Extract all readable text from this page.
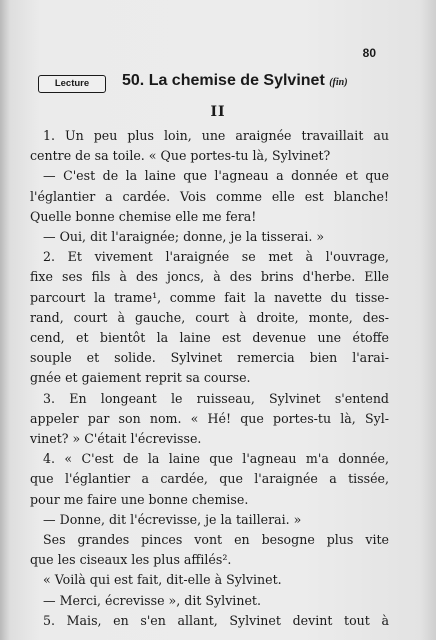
80
Lecture	50. La chemise de Sylvinet (fin)
II
1. Un peu plus loin, une araignée travaillait au
centre de sa toile. « Que portes-tu là, Sylvinet?
— C'est de la laine que l'agneau a donnée et que
l'églantier a cardée. Vois comme elle est blanche!
Quelle bonne chemise elle me fera!
— Oui, dit l'araignée; donne, je la tisserai. »
2. Et vivement l'araignée se met à l'ouvrage,
fixe ses fils à des joncs, à des brins d'herbe. Elle
parcourt la trame¹, comme fait la navette du tisse-
rand, court à gauche, court à droite, monte, des-
cend, et bientôt la laine est devenue une étoffe
souple et solide. Sylvinet remercia bien l'arai-
gnée et gaiement reprit sa course.
3. En longeant le ruisseau, Sylvinet s'entend
appeler par son nom. « Hé! que portes-tu là, Syl-
vinet? » C'était l'écrevisse.
4. « C'est de la laine que l'agneau m'a donnée,
que l'églantier a cardée, que l'araignée a tissée,
pour me faire une bonne chemise.
— Donne, dit l'écrevisse, je la taillerai. »
Ses grandes pinces vont en besogne plus vite
que les ciseaux les plus affilés².
« Voilà qui est fait, dit-elle à Sylvinet.
— Merci, écrevisse », dit Sylvinet.
5. Mais, en s'en allant, Sylvinet devint tout à
